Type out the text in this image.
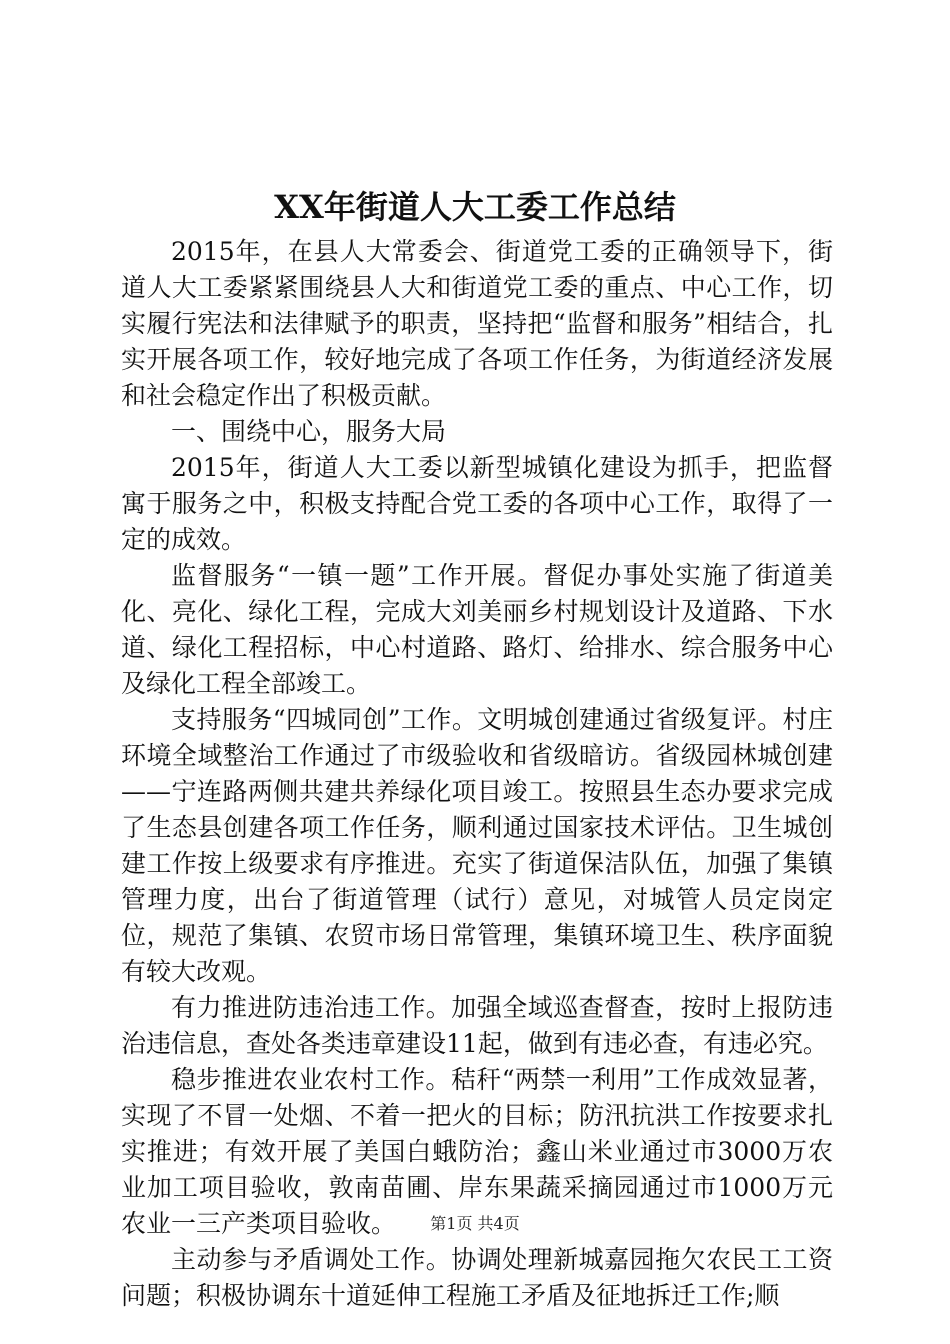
XX年街道人大工委工作总结

2015年，在县人大常委会、街道党工委的正确领导下，街道人大工委紧紧围绕县人大和街道党工委的重点、中心工作，切实履行宪法和法律赋予的职责，坚持把“监督和服务”相结合，扎实开展各项工作，较好地完成了各项工作任务，为街道经济发展和社会稳定作出了积极贡献。

一、围绕中心，服务大局

2015年，街道人大工委以新型城镇化建设为抓手，把监督寓于服务之中，积极支持配合党工委的各项中心工作，取得了一定的成效。

监督服务“一镇一题”工作开展。督促办事处实施了街道美化、亮化、绿化工程，完成大刘美丽乡村规划设计及道路、下水道、绿化工程招标，中心村道路、路灯、给排水、综合服务中心及绿化工程全部竣工。

支持服务“四城同创”工作。文明城创建通过省级复评。村庄环境全域整治工作通过了市级验收和省级暗访。省级园林城创建——宁连路两侧共建共养绿化项目竣工。按照县生态办要求完成了生态县创建各项工作任务，顺利通过国家技术评估。卫生城创建工作按上级要求有序推进。充实了街道保洁队伍，加强了集镇管理力度，出台了街道管理（试行）意见，对城管人员定岗定位，规范了集镇、农贸市场日常管理，集镇环境卫生、秩序面貌有较大改观。

有力推进防违治违工作。加强全域巡查督查，按时上报防违治违信息，查处各类违章建设11起，做到有违必查，有违必究。

稳步推进农业农村工作。秸秆“两禁一利用”工作成效显著，实现了不冒一处烟、不着一把火的目标；防汛抗洪工作按要求扎实推进；有效开展了美国白蛾防治；鑫山米业通过市3000万农业加工项目验收，敦南苗圃、岸东果蔬采摘园通过市1000万元农业一三产类项目验收。

主动参与矛盾调处工作。协调处理新城嘉园拖欠农民工工资问题；积极协调东十道延伸工程施工矛盾及征地拆迁工作;顺

第1页 共4页
